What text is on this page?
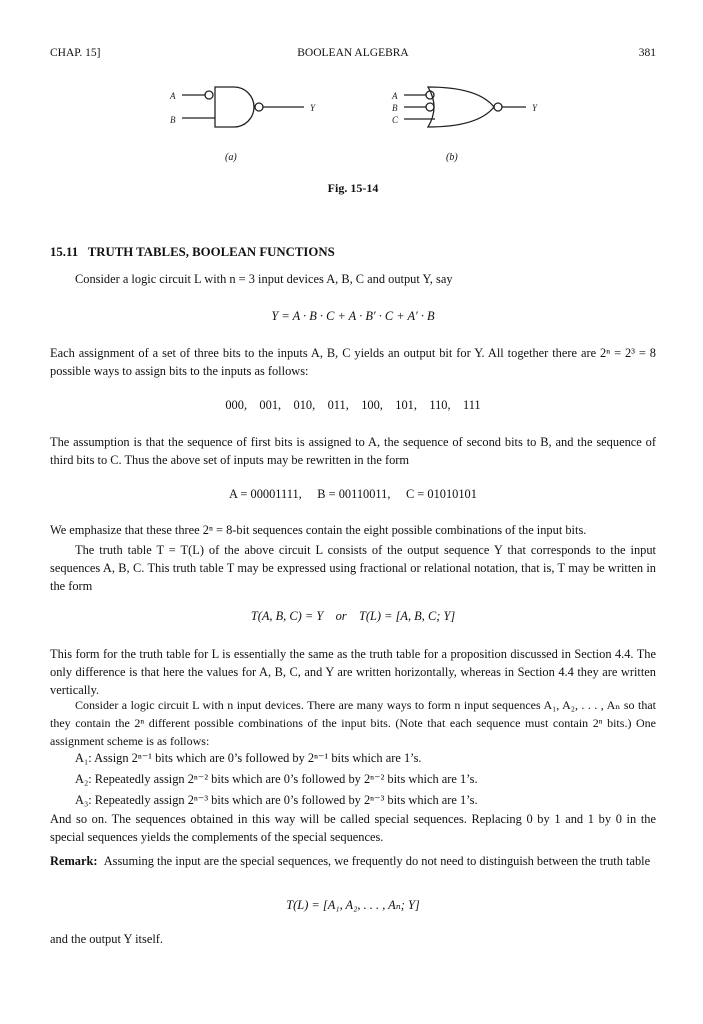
CHAP. 15]	BOOLEAN ALGEBRA	381
A
B
Y
A
B
C
Y
(a)	(b)
Fig. 15-14
15.11 TRUTH TABLES, BOOLEAN FUNCTIONS

Consider a logic circuit L with n = 3 input devices A, B, C and output Y, say

Y = A · B · C + A · B′ · C + A′ · B

Each assignment of a set of three bits to the inputs A, B, C yields an output bit for Y. All together there are 2ⁿ = 2³ = 8 possible ways to assign bits to the inputs as follows:

000,    001,    010,    011,    100,    101,    110,    111

The assumption is that the sequence of first bits is assigned to A, the sequence of second bits to B, and the sequence of third bits to C. Thus the above set of inputs may be rewritten in the form

A = 00001111,     B = 00110011,     C = 01010101

We emphasize that these three 2ⁿ = 8-bit sequences contain the eight possible combinations of the input bits.

The truth table T = T(L) of the above circuit L consists of the output sequence Y that corresponds to the input sequences A, B, C. This truth table T may be expressed using fractional or relational notation, that is, T may be written in the form

T(A, B, C) = Y    or    T(L) = [A, B, C; Y]

This form for the truth table for L is essentially the same as the truth table for a proposition discussed in Section 4.4. The only difference is that here the values for A, B, C, and Y are written horizontally, whereas in Section 4.4 they are written vertically.

Consider a logic circuit L with n input devices. There are many ways to form n input sequences A₁, A₂, . . . , Aₙ so that they contain the 2ⁿ different possible combinations of the input bits. (Note that each sequence must contain 2ⁿ bits.) One assignment scheme is as follows:

A₁: Assign 2ⁿ⁻¹ bits which are 0’s followed by 2ⁿ⁻¹ bits which are 1’s.

A₂: Repeatedly assign 2ⁿ⁻² bits which are 0’s followed by 2ⁿ⁻² bits which are 1’s.

A₃: Repeatedly assign 2ⁿ⁻³ bits which are 0’s followed by 2ⁿ⁻³ bits which are 1’s.

And so on. The sequences obtained in this way will be called special sequences. Replacing 0 by 1 and 1 by 0 in the special sequences yields the complements of the special sequences.

Remark: Assuming the input are the special sequences, we frequently do not need to distinguish between the truth table

T(L) = [A₁, A₂, . . . , Aₙ; Y]

and the output Y itself.
